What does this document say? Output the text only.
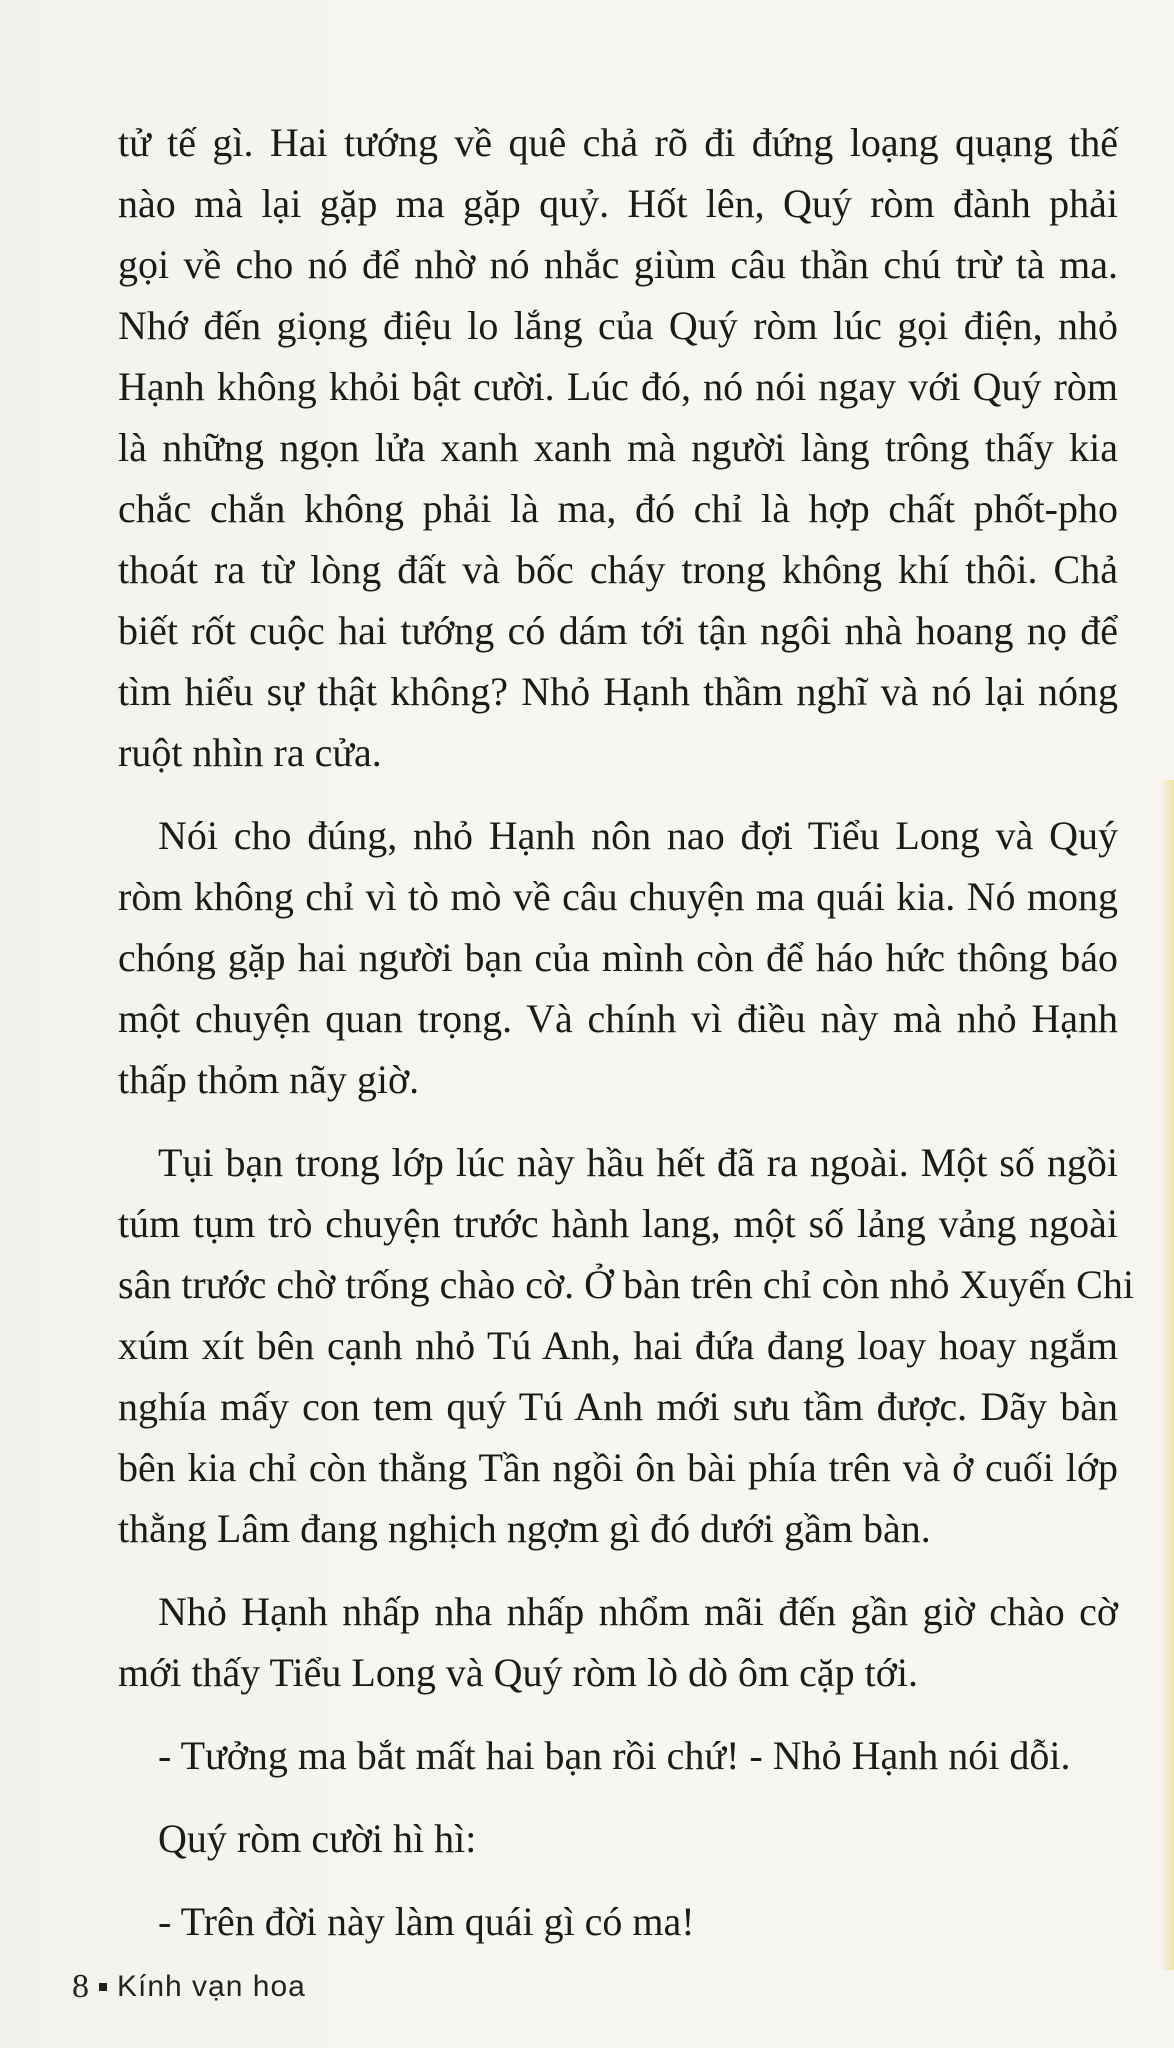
tử tế gì. Hai tướng về quê chả rõ đi đứng loạng quạng thế
nào mà lại gặp ma gặp quỷ. Hốt lên, Quý ròm đành phải
gọi về cho nó để nhờ nó nhắc giùm câu thần chú trừ tà ma.
Nhớ đến giọng điệu lo lắng của Quý ròm lúc gọi điện, nhỏ
Hạnh không khỏi bật cười. Lúc đó, nó nói ngay với Quý ròm
là những ngọn lửa xanh xanh mà người làng trông thấy kia
chắc chắn không phải là ma, đó chỉ là hợp chất phốt-pho
thoát ra từ lòng đất và bốc cháy trong không khí thôi. Chả
biết rốt cuộc hai tướng có dám tới tận ngôi nhà hoang nọ để
tìm hiểu sự thật không? Nhỏ Hạnh thầm nghĩ và nó lại nóng
ruột nhìn ra cửa.
Nói cho đúng, nhỏ Hạnh nôn nao đợi Tiểu Long và Quý
ròm không chỉ vì tò mò về câu chuyện ma quái kia. Nó mong
chóng gặp hai người bạn của mình còn để háo hức thông báo
một chuyện quan trọng. Và chính vì điều này mà nhỏ Hạnh
thấp thỏm nãy giờ.
Tụi bạn trong lớp lúc này hầu hết đã ra ngoài. Một số ngồi
túm tụm trò chuyện trước hành lang, một số lảng vảng ngoài
sân trước chờ trống chào cờ. Ở bàn trên chỉ còn nhỏ Xuyến Chi
xúm xít bên cạnh nhỏ Tú Anh, hai đứa đang loay hoay ngắm
nghía mấy con tem quý Tú Anh mới sưu tầm được. Dãy bàn
bên kia chỉ còn thằng Tần ngồi ôn bài phía trên và ở cuối lớp
thằng Lâm đang nghịch ngợm gì đó dưới gầm bàn.
Nhỏ Hạnh nhấp nha nhấp nhổm mãi đến gần giờ chào cờ
mới thấy Tiểu Long và Quý ròm lò dò ôm cặp tới.
- Tưởng ma bắt mất hai bạn rồi chứ! - Nhỏ Hạnh nói dỗi.
Quý ròm cười hì hì:
- Trên đời này làm quái gì có ma!
8 Kính vạn hoa
